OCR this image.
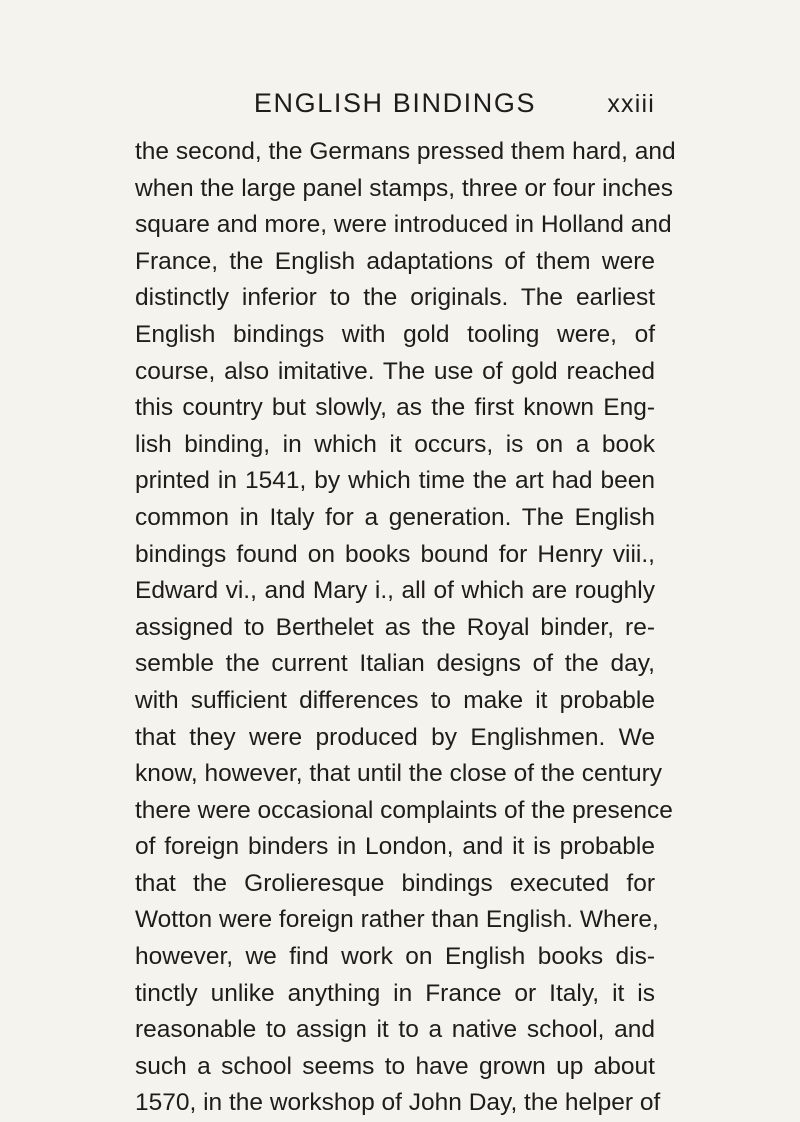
ENGLISH BINDINGS	xxiii
the second, the Germans pressed them hard, and
when the large panel stamps, three or four inches
square and more, were introduced in Holland and
France, the English adaptations of them were
distinctly inferior to the originals. The earliest
English bindings with gold tooling were, of
course, also imitative. The use of gold reached
this country but slowly, as the first known Eng-
lish binding, in which it occurs, is on a book
printed in 1541, by which time the art had been
common in Italy for a generation. The English
bindings found on books bound for Henry viii.,
Edward vi., and Mary i., all of which are roughly
assigned to Berthelet as the Royal binder, re-
semble the current Italian designs of the day,
with sufficient differences to make it probable
that they were produced by Englishmen. We
know, however, that until the close of the century
there were occasional complaints of the presence
of foreign binders in London, and it is probable
that the Grolieresque bindings executed for
Wotton were foreign rather than English. Where,
however, we find work on English books dis-
tinctly unlike anything in France or Italy, it is
reasonable to assign it to a native school, and
such a school seems to have grown up about
1570, in the workshop of John Day, the helper of
